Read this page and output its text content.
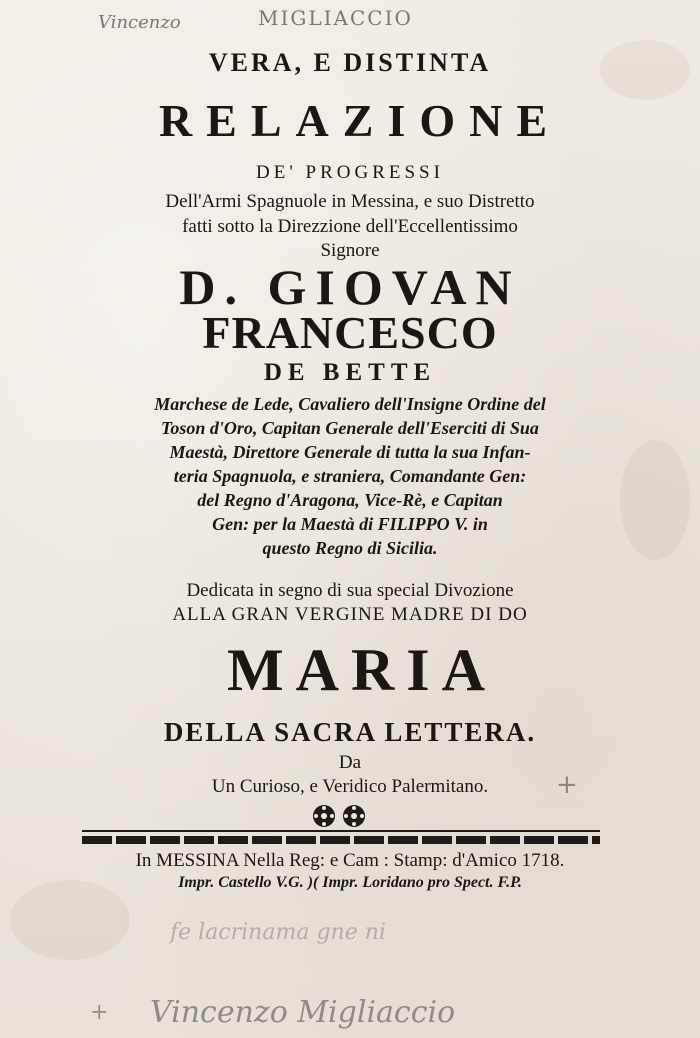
Vincenzo	MIGLIACCIO
VERA, E DISTINTA
RELAZIONE
DE' PROGRESSI
Dell'Armi Spagnuole in Messina, e suo Distretto
fatti sotto la Direzzione dell'Eccellentissimo
Signore
D. GIOVAN
FRANCESCO
DE BETTE
Marchese de Lede, Cavaliero dell'Insigne Ordine del
Toson d'Oro, Capitan Generale dell'Eserciti di Sua
Maestà, Direttore Generale di tutta la sua Infan-
teria Spagnuola, e straniera, Comandante Gen:
del Regno d'Aragona, Vice-Rè, e Capitan
Gen: per la Maestà di FILIPPO V. in
questo Regno di Sicilia.
Dedicata in segno di sua special Divozione
ALLA GRAN VERGINE MADRE DI DO
MARIA
DELLA SACRA LETTERA.
Da
Un Curioso, e Veridico Palermitano.	+
In MESSINA Nella Reg: e Cam : Stamp: d'Amico 1718.
Impr. Castello V.G. )( Impr. Loridano pro Spect. F.P.
fe lacrinama gne ni
+ Vincenzo Migliaccio
